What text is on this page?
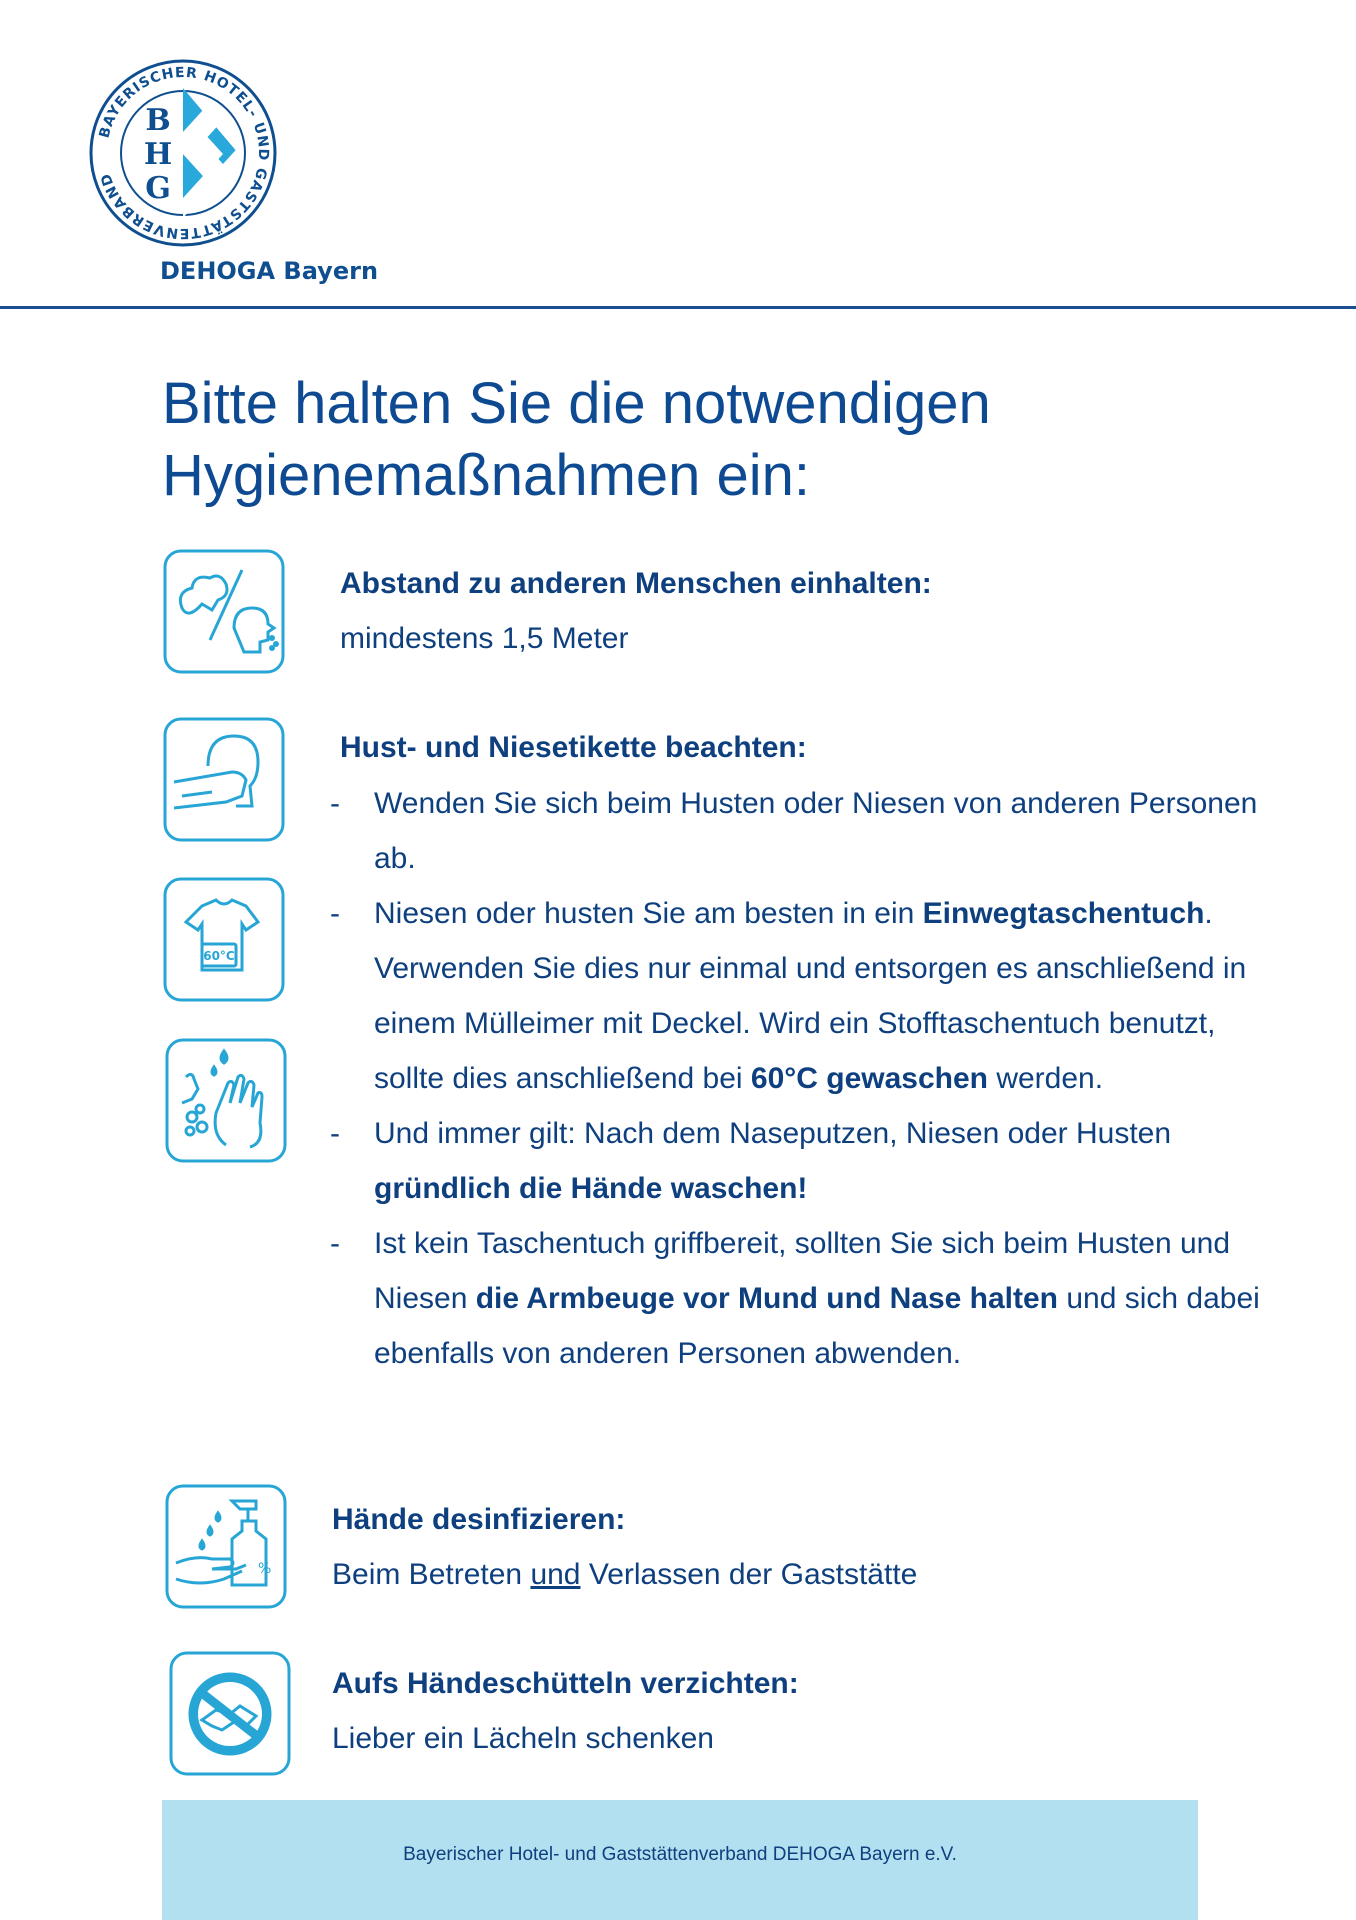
BAYERISCHER HOTEL- UND GASTSTÄTTENVERBAND
B
H
G
DEHOGA Bayern
Bitte halten Sie die notwendigen
Hygienemaßnahmen ein:
Abstand zu anderen Menschen einhalten:
mindestens 1,5 Meter
Hust- und Niesetikette beachten:
- Wenden Sie sich beim Husten oder Niesen von anderen Personen ab.
- Niesen oder husten Sie am besten in ein Einwegtaschentuch. Verwenden Sie dies nur einmal und entsorgen es anschließend in einem Mülleimer mit Deckel. Wird ein Stofftaschentuch benutzt, sollte dies anschließend bei 60°C gewaschen werden.
- Und immer gilt: Nach dem Naseputzen, Niesen oder Husten gründlich die Hände waschen!
- Ist kein Taschentuch griffbereit, sollten Sie sich beim Husten und Niesen die Armbeuge vor Mund und Nase halten und sich dabei ebenfalls von anderen Personen abwenden.
60°C
%
Hände desinfizieren:
Beim Betreten und Verlassen der Gaststätte
Aufs Händeschütteln verzichten:
Lieber ein Lächeln schenken
Bayerischer Hotel- und Gaststättenverband DEHOGA Bayern e.V.
